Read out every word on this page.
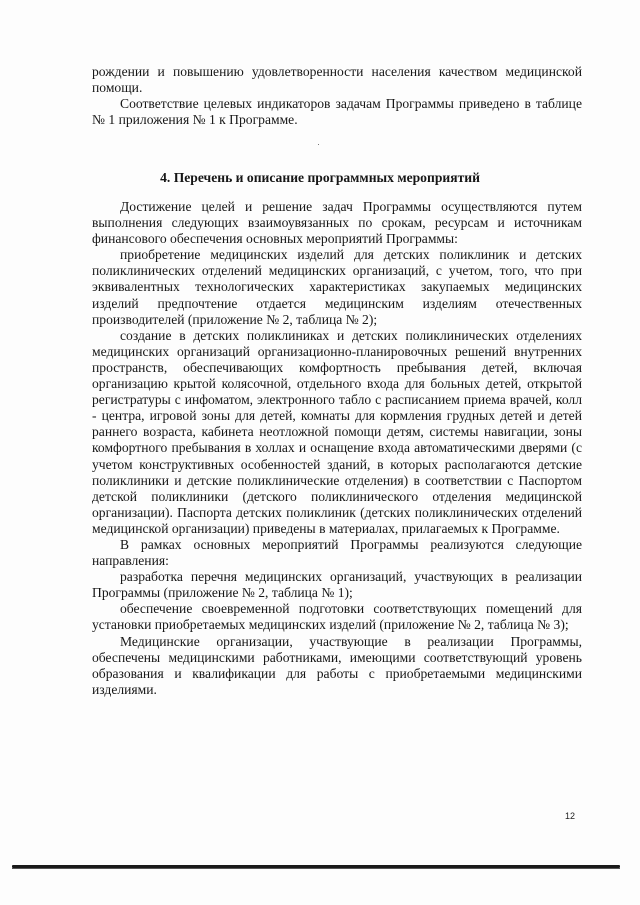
рождении и повышению удовлетворенности населения качеством медицинской помощи.

Соответствие целевых индикаторов задачам Программы приведено в таблице № 1 приложения № 1 к Программе.

4. Перечень и описание программных мероприятий

Достижение целей и решение задач Программы осуществляются путем выполнения следующих взаимоувязанных по срокам, ресурсам и источникам финансового обеспечения основных мероприятий Программы:

приобретение медицинских изделий для детских поликлиник и детских поликлинических отделений медицинских организаций, с учетом, того, что при эквивалентных технологических характеристиках закупаемых медицинских изделий предпочтение отдается медицинским изделиям отечественных производителей (приложение № 2, таблица № 2);

создание в детских поликлиниках и детских поликлинических отделениях медицинских организаций организационно-планировочных решений внутренних пространств, обеспечивающих комфортность пребывания детей, включая организацию крытой колясочной, отдельного входа для больных детей, открытой регистратуры с инфоматом, электронного табло с расписанием приема врачей, колл - центра, игровой зоны для детей, комнаты для кормления грудных детей и детей раннего возраста, кабинета неотложной помощи детям, системы навигации, зоны комфортного пребывания в холлах и оснащение входа автоматическими дверями (с учетом конструктивных особенностей зданий, в которых располагаются детские поликлиники и детские поликлинические отделения) в соответствии с Паспортом детской поликлиники (детского поликлинического отделения медицинской организации). Паспорта детских поликлиник (детских поликлинических отделений медицинской организации) приведены в материалах, прилагаемых к Программе.

В рамках основных мероприятий Программы реализуются следующие направления:

разработка перечня медицинских организаций, участвующих в реализации Программы (приложение № 2, таблица № 1);

обеспечение своевременной подготовки соответствующих помещений для установки приобретаемых медицинских изделий (приложение № 2, таблица № 3);

Медицинские организации, участвующие в реализации Программы, обеспечены медицинскими работниками, имеющими соответствующий уровень образования и квалификации для работы с приобретаемыми медицинскими изделиями.

12
